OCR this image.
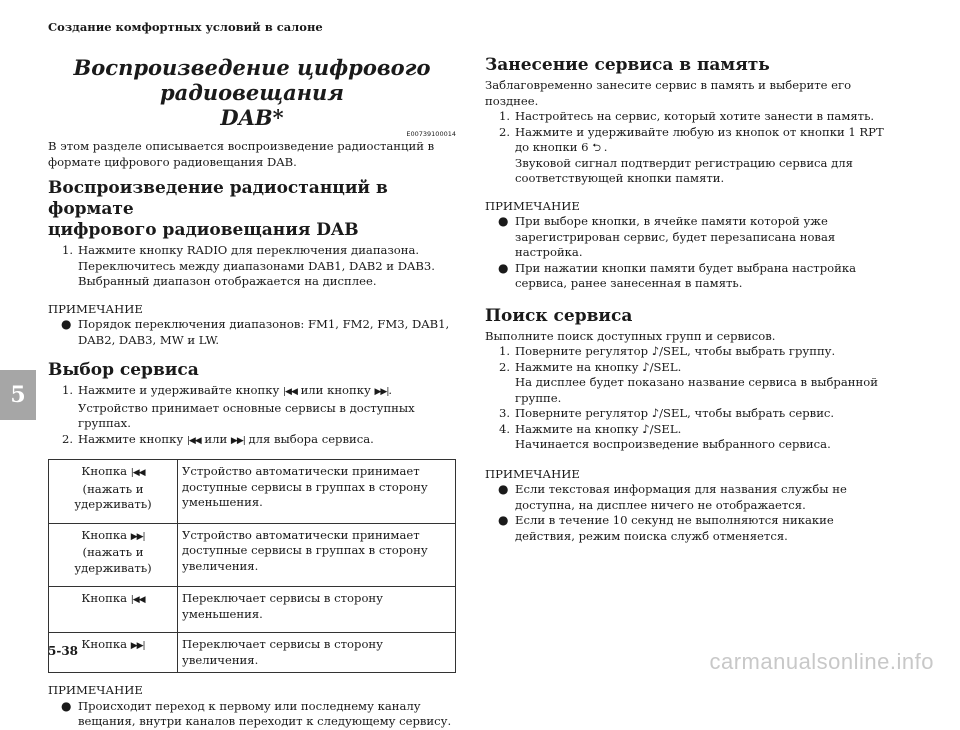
Создание комфортных условий в салоне
5
5-38	carmanualsonline.info
Воспроизведение цифрового радиовещания
DAB*
E00739100014

В этом разделе описывается воспроизведение радиостанций в формате цифрового радиовещания DAB.

Воспроизведение радиостанций в формате
цифрового радиовещания DAB
1. Нажмите кнопку RADIO для переключения диапазона. Переключитесь между диапазонами DAB1, DAB2 и DAB3. Выбранный диапазон отображается на дисплее.
ПРИМЕЧАНИЕ
● Порядок переключения диапазонов: FM1, FM2, FM3, DAB1, DAB2, DAB3, MW и LW.
Выбор сервиса
1. Нажмите и удерживайте кнопку |◀◀ или кнопку ▶▶|.
Устройство принимает основные сервисы в доступных группах.
2. Нажмите кнопку |◀◀ или ▶▶| для выбора сервиса.
Кнопка |◀◀
(нажать и удерживать)	Устройство автоматически принимает доступные сервисы в группах в сторону уменьшения.
Кнопка ▶▶|
(нажать и удерживать)	Устройство автоматически принимает доступные сервисы в группах в сторону увеличения.
Кнопка |◀◀	Переключает сервисы в сторону уменьшения.
Кнопка ▶▶|	Переключает сервисы в сторону увеличения.
ПРИМЕЧАНИЕ
● Происходит переход к первому или последнему каналу вещания, внутри каналов переходит к следующему сервису.
Занесение сервиса в память

Заблаговременно занесите сервис в память и выберите его позднее.

1. Настройтесь на сервис, который хотите занести в память.
2. Нажмите и удерживайте любую из кнопок от кнопки 1 RPT до кнопки 6 ⮌ .
Звуковой сигнал подтвердит регистрацию сервиса для соответствующей кнопки памяти.
ПРИМЕЧАНИЕ
● При выборе кнопки, в ячейке памяти которой уже зарегистрирован сервис, будет перезаписана новая настройка.
● При нажатии кнопки памяти будет выбрана настройка сервиса, ранее занесенная в память.
Поиск сервиса

Выполните поиск доступных групп и сервисов.

1. Поверните регулятор ♪/SEL, чтобы выбрать группу.
2. Нажмите на кнопку ♪/SEL.
На дисплее будет показано название сервиса в выбранной группе.
3. Поверните регулятор ♪/SEL, чтобы выбрать сервис.
4. Нажмите на кнопку ♪/SEL.
Начинается воспроизведение выбранного сервиса.
ПРИМЕЧАНИЕ
● Если текстовая информация для названия службы не доступна, на дисплее ничего не отображается.
● Если в течение 10 секунд не выполняются никакие действия, режим поиска служб отменяется.
